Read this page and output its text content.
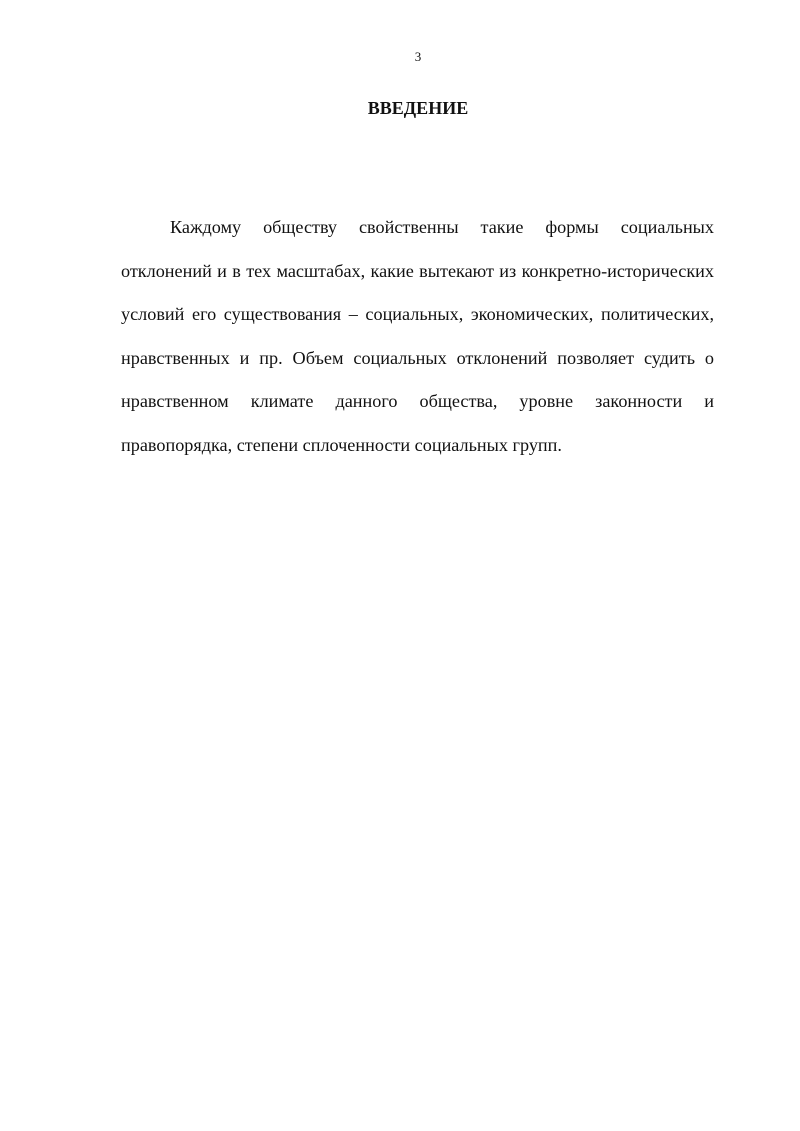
3
ВВЕДЕНИЕ

Каждому обществу свойственны такие формы социальных отклонений и в тех масштабах, какие вытекают из конкретно-исторических условий его существования – социальных, экономических, политических, нравственных и пр. Объем социальных отклонений позволяет судить о нравственном климате данного общества, уровне законности и правопорядка, степени сплоченности социальных групп.
